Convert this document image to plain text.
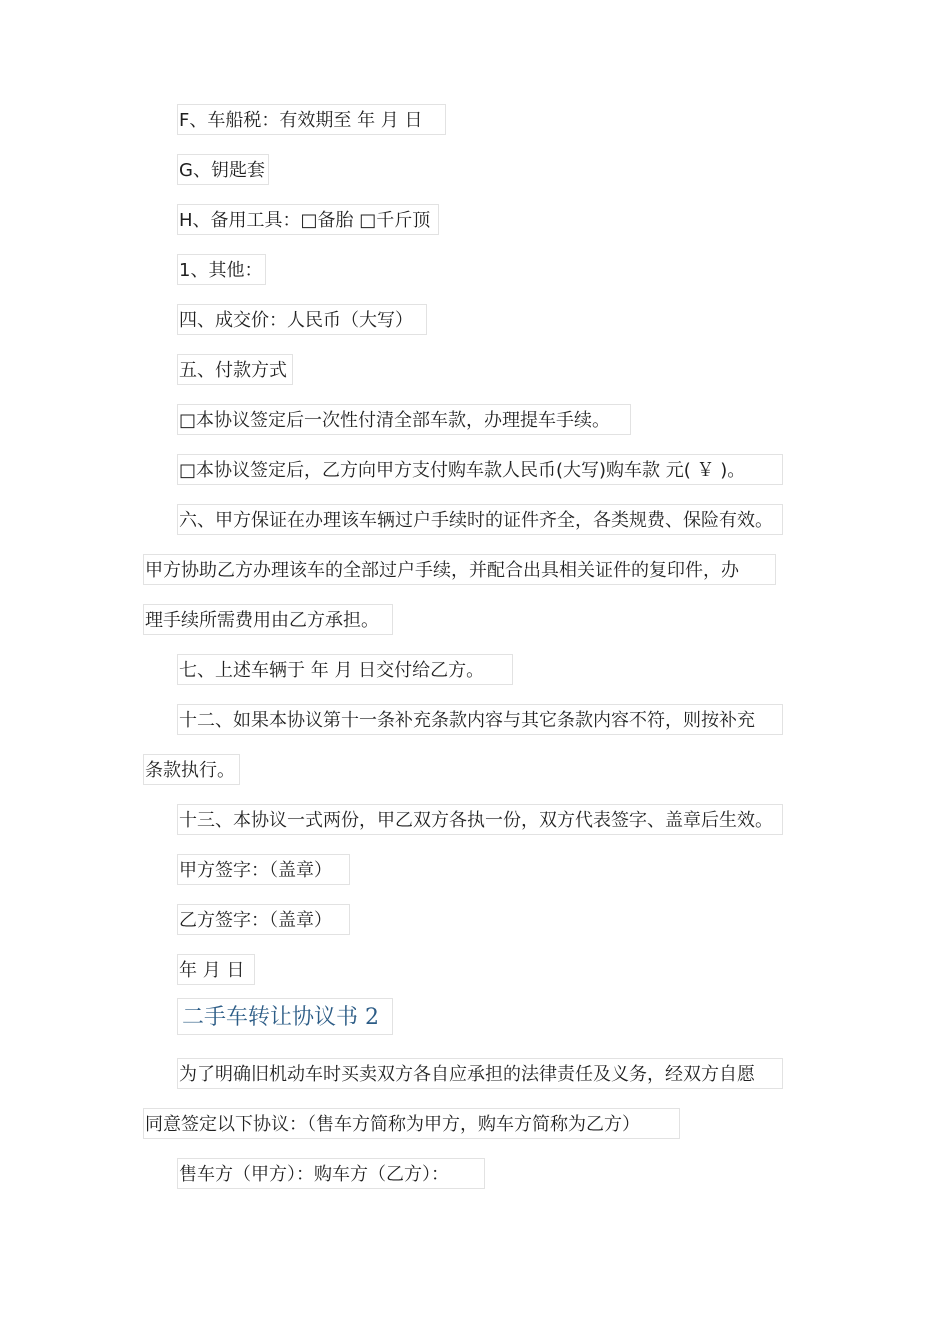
F、车船税：有效期至 年 月 日
G、钥匙套
H、备用工具：□备胎 □千斤顶
1、其他：
四、成交价：人民币（大写）
五、付款方式
□本协议签定后一次性付清全部车款，办理提车手续。
□本协议签定后，乙方向甲方支付购车款人民币(大写)购车款 元( ￥ )。
六、甲方保证在办理该车辆过户手续时的证件齐全，各类规费、保险有效。
甲方协助乙方办理该车的全部过户手续，并配合出具相关证件的复印件，办
理手续所需费用由乙方承担。
七、上述车辆于 年 月 日交付给乙方。
十二、如果本协议第十一条补充条款内容与其它条款内容不符，则按补充
条款执行。
十三、本协议一式两份，甲乙双方各执一份，双方代表签字、盖章后生效。
甲方签字：（盖章）
乙方签字：（盖章）
年 月 日
二手车转让协议书 2
为了明确旧机动车时买卖双方各自应承担的法律责任及义务，经双方自愿
同意签定以下协议：（售车方简称为甲方，购车方简称为乙方）
售车方（甲方）：购车方（乙方）：
